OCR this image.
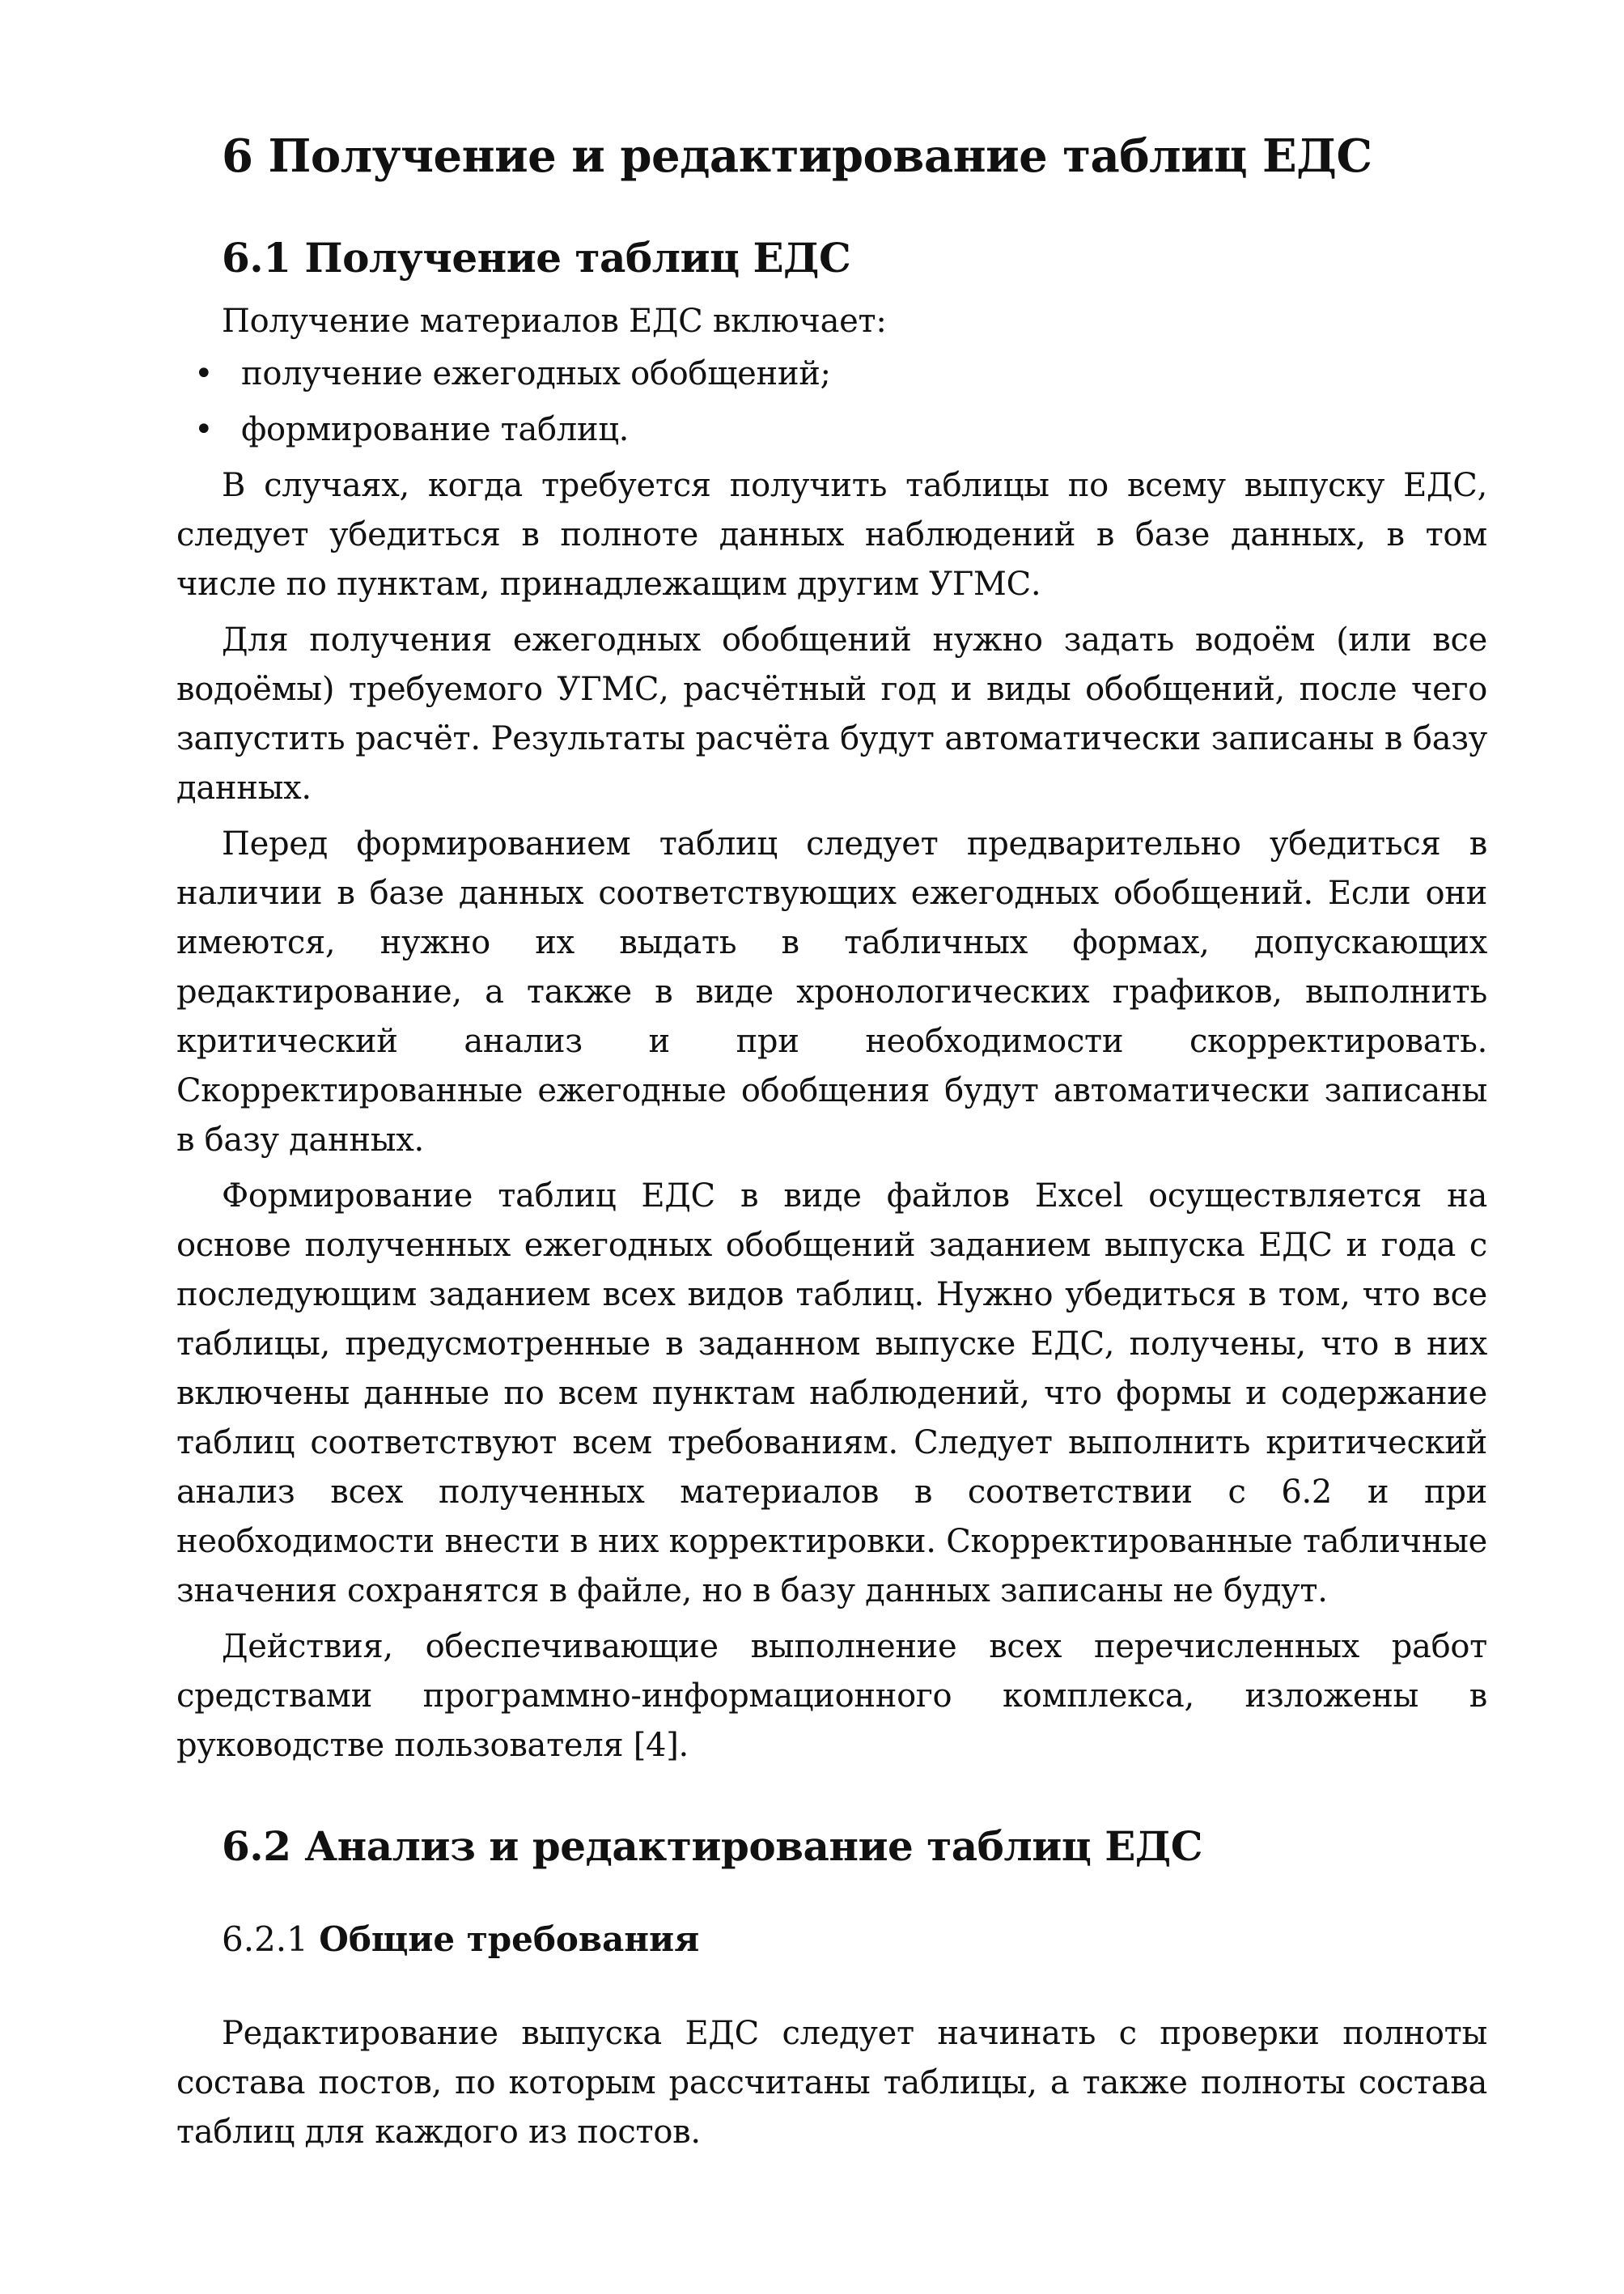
6 Получение и редактирование таблиц ЕДС
6.1 Получение таблиц ЕДС

Получение материалов ЕДС включает:

• получение ежегодных обобщений;
• формирование таблиц.

В случаях, когда требуется получить таблицы по всему выпуску ЕДС, следует убедиться в полноте данных наблюдений в базе данных, в том числе по пунктам, принадлежащим другим УГМС.

Для получения ежегодных обобщений нужно задать водоём (или все водоёмы) требуемого УГМС, расчётный год и виды обобщений, после чего запустить расчёт. Результаты расчёта будут автоматически записаны в базу данных.

Перед формированием таблиц следует предварительно убедиться в наличии в базе данных соответствующих ежегодных обобщений. Если они имеются, нужно их выдать в табличных формах, допускающих редактирование, а также в виде хронологических графиков, выполнить критический анализ и при необходимости скорректировать. Скорректированные ежегодные обобщения будут автоматически записаны в базу данных.

Формирование таблиц ЕДС в виде файлов Excel осуществляется на основе полученных ежегодных обобщений заданием выпуска ЕДС и года с последующим заданием всех видов таблиц. Нужно убедиться в том, что все таблицы, предусмотренные в заданном выпуске ЕДС, получены, что в них включены данные по всем пунктам наблюдений, что формы и содержание таблиц соответствуют всем требованиям. Следует выполнить критический анализ всех полученных материалов в соответствии с 6.2 и при необходимости внести в них корректировки. Скорректированные табличные значения сохранятся в файле, но в базу данных записаны не будут.

Действия, обеспечивающие выполнение всех перечисленных работ средствами программно-информационного комплекса, изложены в руководстве пользователя [4].

6.2 Анализ и редактирование таблиц ЕДС
6.2.1 Общие требования

Редактирование выпуска ЕДС следует начинать с проверки полноты состава постов, по которым рассчитаны таблицы, а также полноты состава таблиц для каждого из постов.
